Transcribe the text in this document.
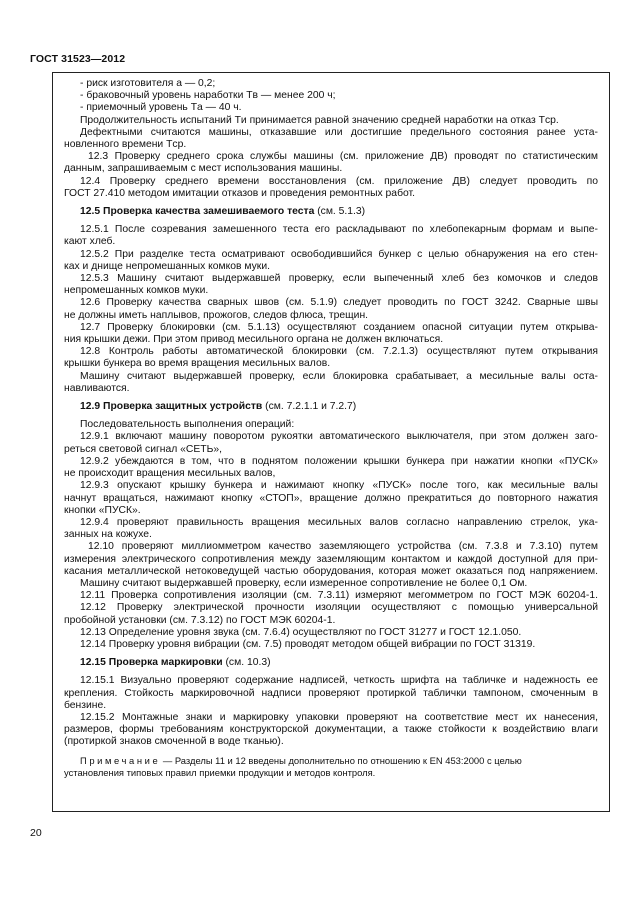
ГОСТ 31523—2012
- риск изготовителя а — 0,2;
- браковочный уровень наработки Tв — менее 200 ч;
- приемочный уровень Tа — 40 ч.
Продолжительность испытаний Tи принимается равной значению средней наработки на отказ Tср.
Дефектными считаются машины, отказавшие или достигшие предельного состояния ранее уста-
новленного времени Tср.
12.3 Проверку среднего срока службы машины (см. приложение ДВ) проводят по статистическим
данным, запрашиваемым с мест использования машины.
12.4 Проверку среднего времени восстановления (см. приложение ДВ) следует проводить по
ГОСТ 27.410 методом имитации отказов и проведения ремонтных работ.
12.5 Проверка качества замешиваемого теста (см. 5.1.3)
12.5.1 После созревания замешенного теста его раскладывают по хлебопекарным формам и выпе-
кают хлеб.
12.5.2 При разделке теста осматривают освободившийся бункер с целью обнаружения на его стен-
ках и днище непромешанных комков муки.
12.5.3 Машину считают выдержавшей проверку, если выпеченный хлеб без комочков и следов
непромешанных комков муки.
12.6 Проверку качества сварных швов (см. 5.1.9) следует проводить по ГОСТ 3242. Сварные швы
не должны иметь наплывов, прожогов, следов флюса, трещин.
12.7 Проверку блокировки (см. 5.1.13) осуществляют созданием опасной ситуации путем открыва-
ния крышки дежи. При этом привод месильного органа не должен включаться.
12.8 Контроль работы автоматической блокировки (см. 7.2.1.3) осуществляют путем открывания
крышки бункера во время вращения месильных валов.
Машину считают выдержавшей проверку, если блокировка срабатывает, а месильные валы оста-
навливаются.
12.9 Проверка защитных устройств (см. 7.2.1.1 и 7.2.7)
Последовательность выполнения операций:
12.9.1 включают машину поворотом рукоятки автоматического выключателя, при этом должен заго-
реться световой сигнал «СЕТЬ»,
12.9.2 убеждаются в том, что в поднятом положении крышки бункера при нажатии кнопки «ПУСК»
не происходит вращения месильных валов,
12.9.3 опускают крышку бункера и нажимают кнопку «ПУСК» после того, как месильные валы
начнут вращаться, нажимают кнопку «СТОП», вращение должно прекратиться до повторного нажатия
кнопки «ПУСК».
12.9.4 проверяют правильность вращения месильных валов согласно направлению стрелок, ука-
занных на кожухе.
12.10 проверяют миллиомметром качество заземляющего устройства (см. 7.3.8 и 7.3.10) путем
измерения электрического сопротивления между заземляющим контактом и каждой доступной для при-
касания металлической нетоковедущей частью оборудования, которая может оказаться под напряжением.
Машину считают выдержавшей проверку, если измеренное сопротивление не более 0,1 Ом.
12.11 Проверка сопротивления изоляции (см. 7.3.11) измеряют мегомметром по ГОСТ МЭК 60204-1.
12.12 Проверку электрической прочности изоляции осуществляют с помощью универсальной
пробойной установки (см. 7.3.12) по ГОСТ МЭК 60204-1.
12.13 Определение уровня звука (см. 7.6.4) осуществляют по ГОСТ 31277 и ГОСТ 12.1.050.
12.14 Проверку уровня вибрации (см. 7.5) проводят методом общей вибрации по ГОСТ 31319.
12.15 Проверка маркировки (см. 10.3)
12.15.1 Визуально проверяют содержание надписей, четкость шрифта на табличке и надежность ее
крепления. Стойкость маркировочной надписи проверяют протиркой таблички тампоном, смоченным в
бензине.
12.15.2 Монтажные знаки и маркировку упаковки проверяют на соответствие мест их нанесения,
размеров, формы требованиям конструкторской документации, а также стойкости к воздействию влаги
(протиркой знаков смоченной в воде тканью).
Примечание — Разделы 11 и 12 введены дополнительно по отношению к EN 453:2000 с целью
установления типовых правил приемки продукции и методов контроля.
20
